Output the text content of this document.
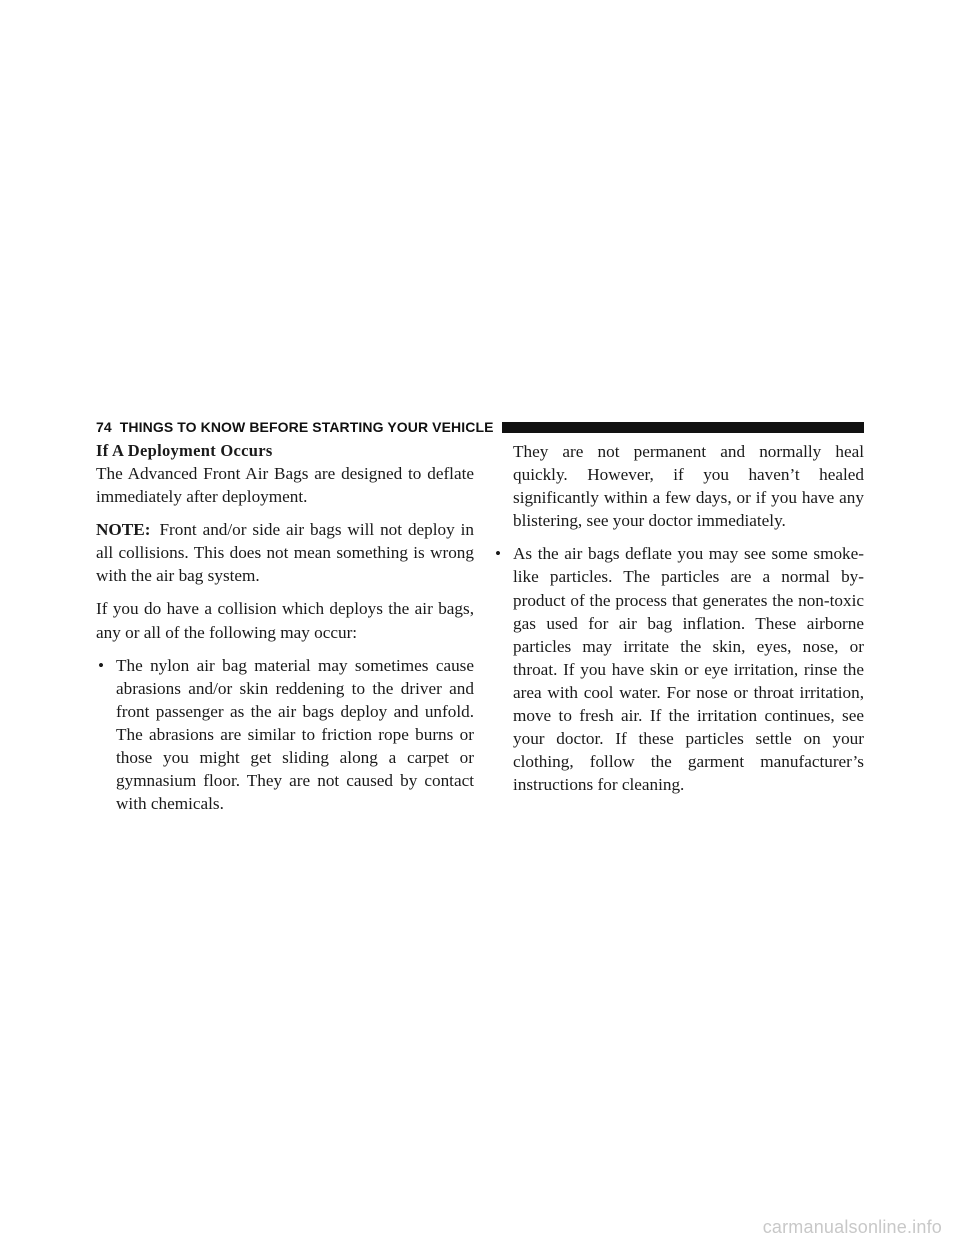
74 THINGS TO KNOW BEFORE STARTING YOUR VEHICLE

If A Deployment Occurs

The Advanced Front Air Bags are designed to deflate immediately after deployment.

NOTE: Front and/or side air bags will not deploy in all collisions. This does not mean something is wrong with the air bag system.

If you do have a collision which deploys the air bags, any or all of the following may occur:

• The nylon air bag material may sometimes cause abrasions and/or skin reddening to the driver and front passenger as the air bags deploy and unfold. The abrasions are similar to friction rope burns or those you might get sliding along a carpet or gymnasium floor. They are not caused by contact with chemicals.

They are not permanent and normally heal quickly. However, if you haven’t healed significantly within a few days, or if you have any blistering, see your doctor immediately.

• As the air bags deflate you may see some smoke-like particles. The particles are a normal by-product of the process that generates the non-toxic gas used for air bag inflation. These airborne particles may irritate the skin, eyes, nose, or throat. If you have skin or eye irritation, rinse the area with cool water. For nose or throat irritation, move to fresh air. If the irritation continues, see your doctor. If these particles settle on your clothing, follow the garment manufacturer’s instructions for cleaning.

carmanualsonline.info
